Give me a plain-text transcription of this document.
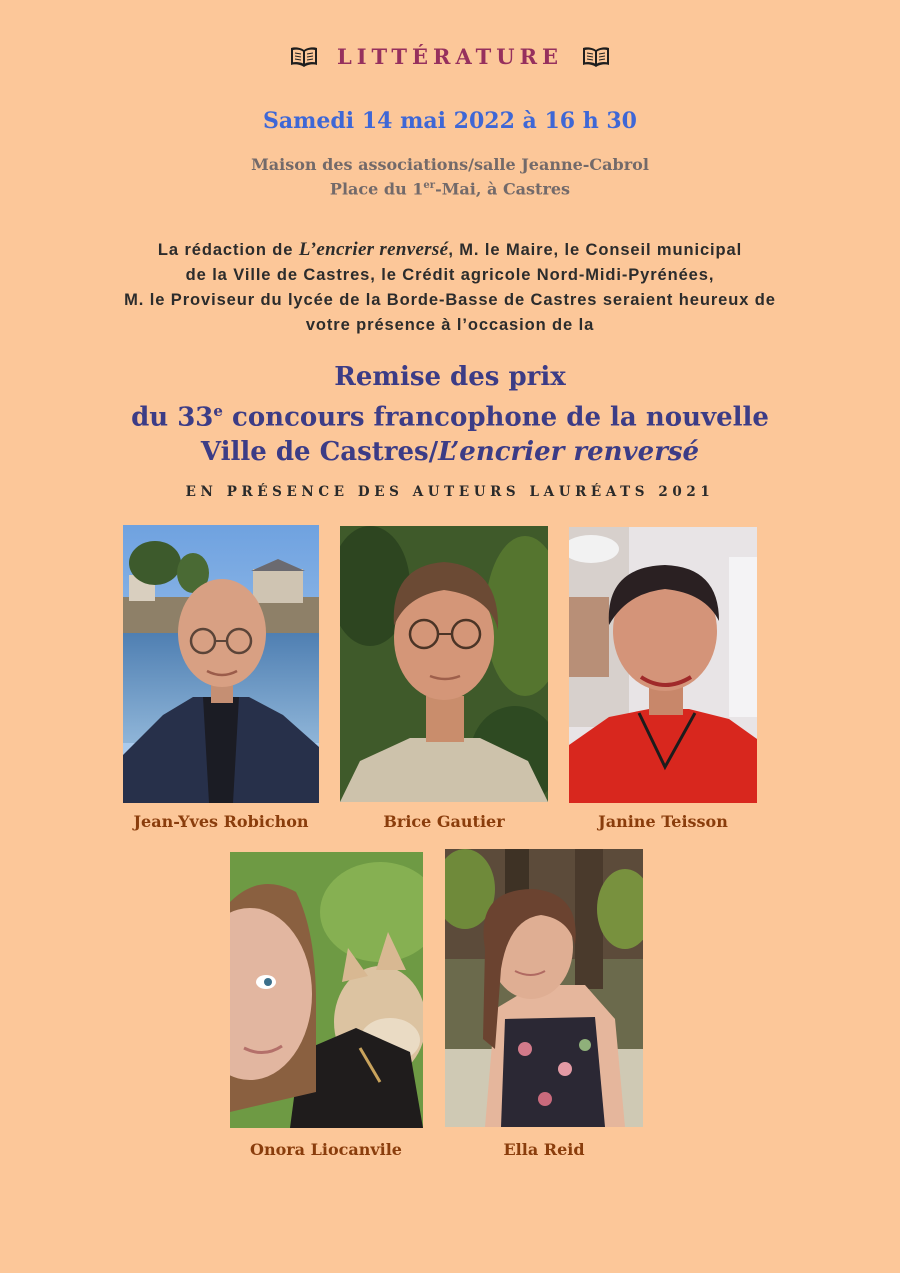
LITTÉRATURE
Samedi 14 mai 2022 à 16 h 30
Maison des associations/salle Jeanne-Cabrol
Place du 1er-Mai, à Castres
La rédaction de L’encrier renversé, M. le Maire, le Conseil municipal
de la Ville de Castres, le Crédit agricole Nord-Midi-Pyrénées,
M. le Proviseur du lycée de la Borde-Basse de Castres seraient heureux de
votre présence à l’occasion de la
Remise des prix
du 33e concours francophone de la nouvelle
Ville de Castres/L’encrier renversé
EN PRÉSENCE DES AUTEURS LAURÉATS 2021
Jean-Yves Robichon	Brice Gautier	Janine Teisson
Onora Liocanvile	Ella Reid
